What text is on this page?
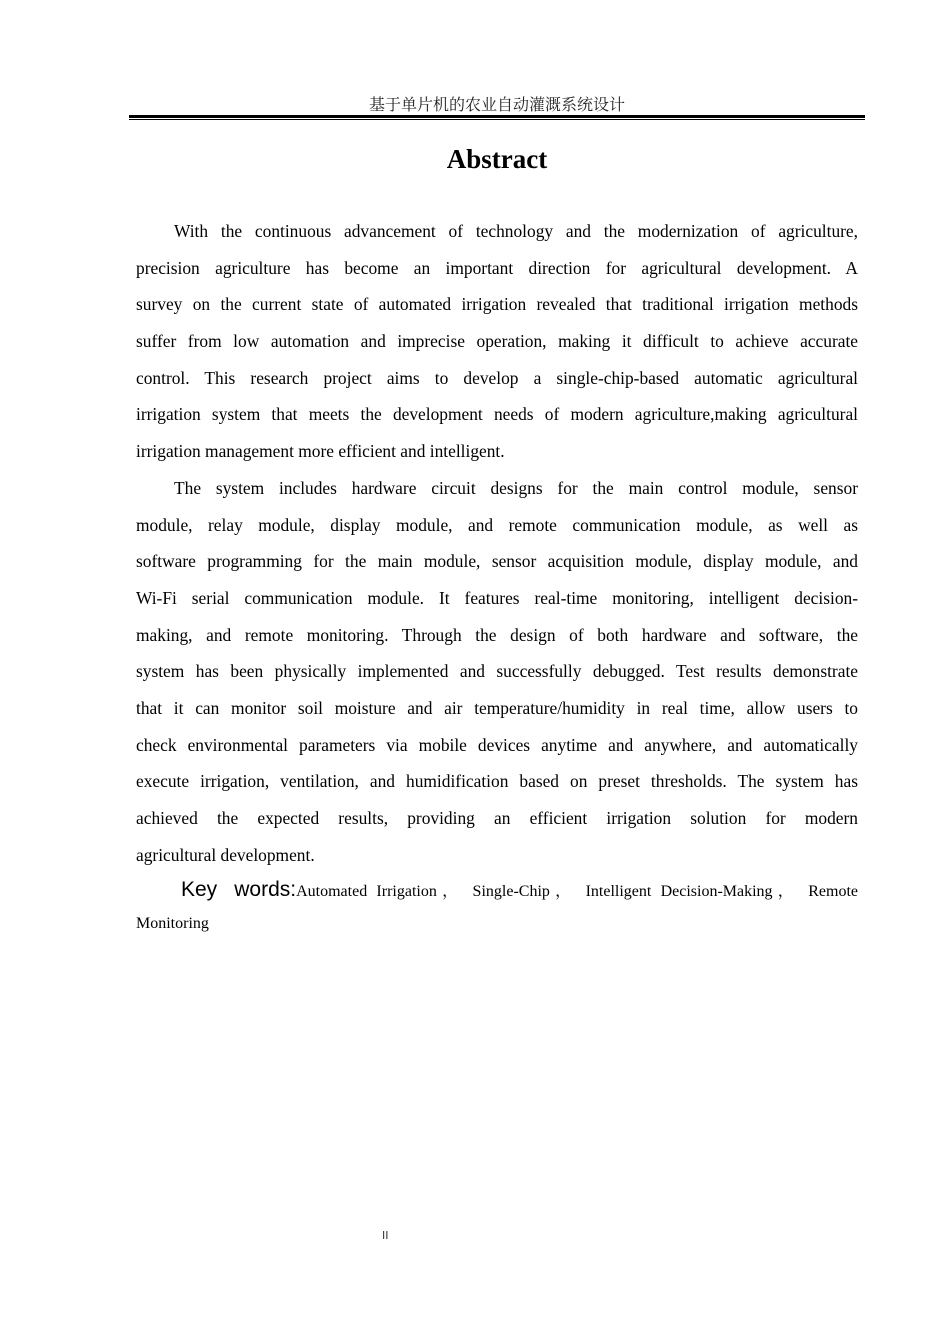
基于单片机的农业自动灌溉系统设计
Abstract
With the continuous advancement of technology and the modernization of agriculture,
precision agriculture has become an important direction for agricultural development. A
survey on the current state of automated irrigation revealed that traditional irrigation methods
suffer from low automation and imprecise operation, making it difficult to achieve accurate
control. This research project aims to develop a single-chip-based automatic agricultural
irrigation system that meets the development needs of modern agriculture,making agricultural
irrigation management more efficient and intelligent.
The system includes hardware circuit designs for the main control module, sensor
module, relay module, display module, and remote communication module, as well as
software programming for the main module, sensor acquisition module, display module, and
Wi-Fi serial communication module. It features real-time monitoring, intelligent decision-
making, and remote monitoring. Through the design of both hardware and software, the
system has been physically implemented and successfully debugged. Test results demonstrate
that it can monitor soil moisture and air temperature/humidity in real time, allow users to
check environmental parameters via mobile devices anytime and anywhere, and automatically
execute irrigation, ventilation, and humidification based on preset thresholds. The system has
achieved the expected results, providing an efficient irrigation solution for modern
agricultural development.
Key words:Automated Irrigation， Single-Chip， Intelligent Decision-Making， Remote
Monitoring
II
